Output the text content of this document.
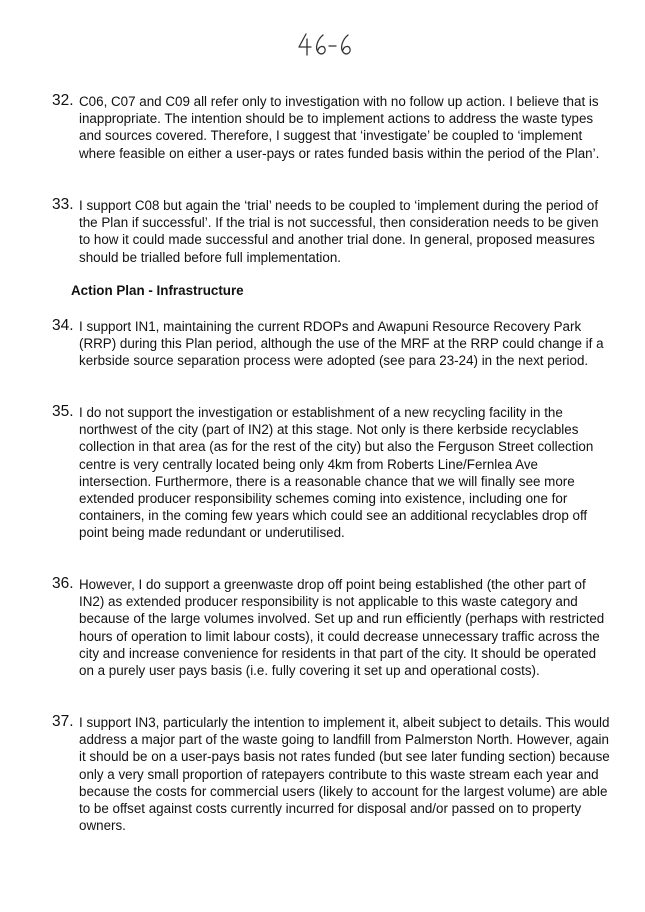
32. C06, C07 and C09 all refer only to investigation with no follow up action. I believe that is inappropriate. The intention should be to implement actions to address the waste types and sources covered. Therefore, I suggest that ‘investigate’ be coupled to ‘implement where feasible on either a user-pays or rates funded basis within the period of the Plan’.
33. I support C08 but again the ‘trial’ needs to be coupled to ‘implement during the period of the Plan if successful’. If the trial is not successful, then consideration needs to be given to how it could made successful and another trial done. In general, proposed measures should be trialled before full implementation.
Action Plan - Infrastructure
34. I support IN1, maintaining the current RDOPs and Awapuni Resource Recovery Park (RRP) during this Plan period, although the use of the MRF at the RRP could change if a kerbside source separation process were adopted (see para 23-24) in the next period.
35. I do not support the investigation or establishment of a new recycling facility in the northwest of the city (part of IN2) at this stage. Not only is there kerbside recyclables collection in that area (as for the rest of the city) but also the Ferguson Street collection centre is very centrally located being only 4km from Roberts Line/Fernlea Ave intersection. Furthermore, there is a reasonable chance that we will finally see more extended producer responsibility schemes coming into existence, including one for containers, in the coming few years which could see an additional recyclables drop off point being made redundant or underutilised.
36. However, I do support a greenwaste drop off point being established (the other part of IN2) as extended producer responsibility is not applicable to this waste category and because of the large volumes involved. Set up and run efficiently (perhaps with restricted hours of operation to limit labour costs), it could decrease unnecessary traffic across the city and increase convenience for residents in that part of the city. It should be operated on a purely user pays basis (i.e. fully covering it set up and operational costs).
37. I support IN3, particularly the intention to implement it, albeit subject to details. This would address a major part of the waste going to landfill from Palmerston North. However, again it should be on a user-pays basis not rates funded (but see later funding section) because only a very small proportion of ratepayers contribute to this waste stream each year and because the costs for commercial users (likely to account for the largest volume) are able to be offset against costs currently incurred for disposal and/or passed on to property owners.
